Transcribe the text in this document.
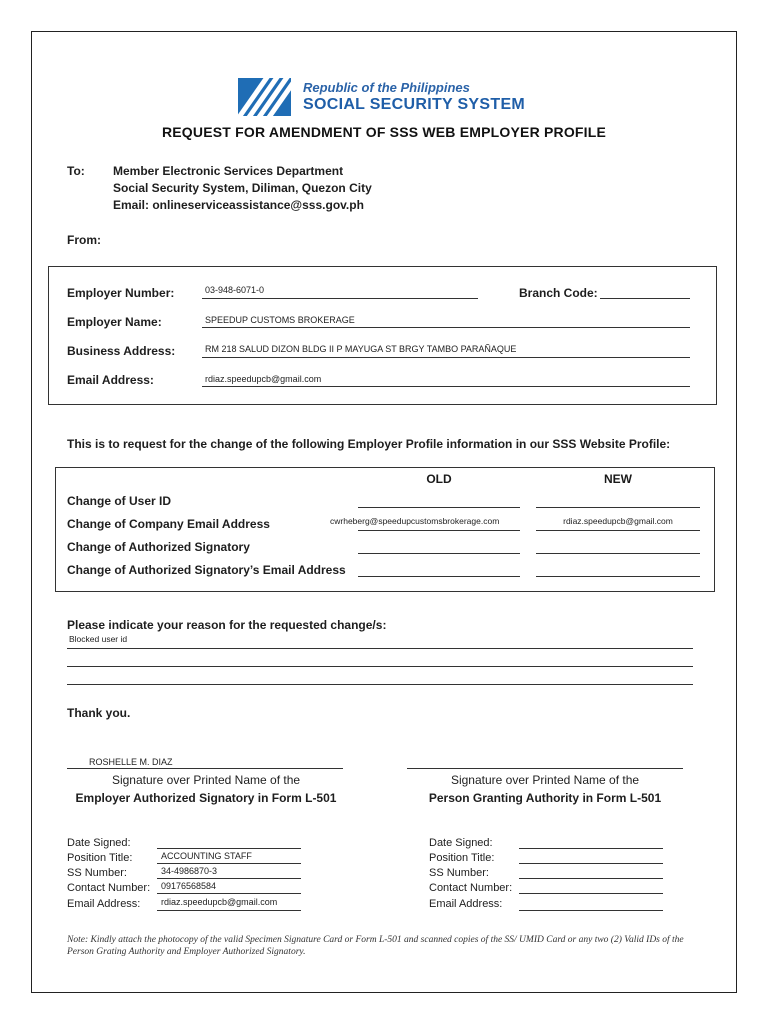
Republic of the Philippines
SOCIAL SECURITY SYSTEM
REQUEST FOR AMENDMENT OF SSS WEB EMPLOYER PROFILE
To: Member Electronic Services Department
Social Security System, Diliman, Quezon City
Email: onlineserviceassistance@sss.gov.ph
From:
Employer Number:	03-948-6071-0	Branch Code:
Employer Name:	SPEEDUP CUSTOMS BROKERAGE
Business Address:	RM 218 SALUD DIZON BLDG II P MAYUGA ST BRGY TAMBO PARAÑAQUE
Email Address:	rdiaz.speedupcb@gmail.com
This is to request for the change of the following Employer Profile information in our SSS Website Profile:
OLD	NEW
Change of User ID
Change of Company Email Address	cwrheberg@speedupcustomsbrokerage.com	rdiaz.speedupcb@gmail.com
Change of Authorized Signatory
Change of Authorized Signatory’s Email Address
Please indicate your reason for the requested change/s:
Blocked user id
Thank you.
ROSHELLE M. DIAZ
Signature over Printed Name of the
Employer Authorized Signatory in Form L-501
Signature over Printed Name of the
Person Granting Authority in Form L-501
Date Signed:
Position Title:	ACCOUNTING STAFF
SS Number:	34-4986870-3
Contact Number: 09176568584
Email Address: rdiaz.speedupcb@gmail.com
Date Signed:
Position Title:
SS Number:
Contact Number:
Email Address:
Note: Kindly attach the photocopy of the valid Specimen Signature Card or Form L-501 and scanned copies of the SS/ UMID Card or any two (2) Valid IDs of the Person Grating Authority and Employer Authorized Signatory.
